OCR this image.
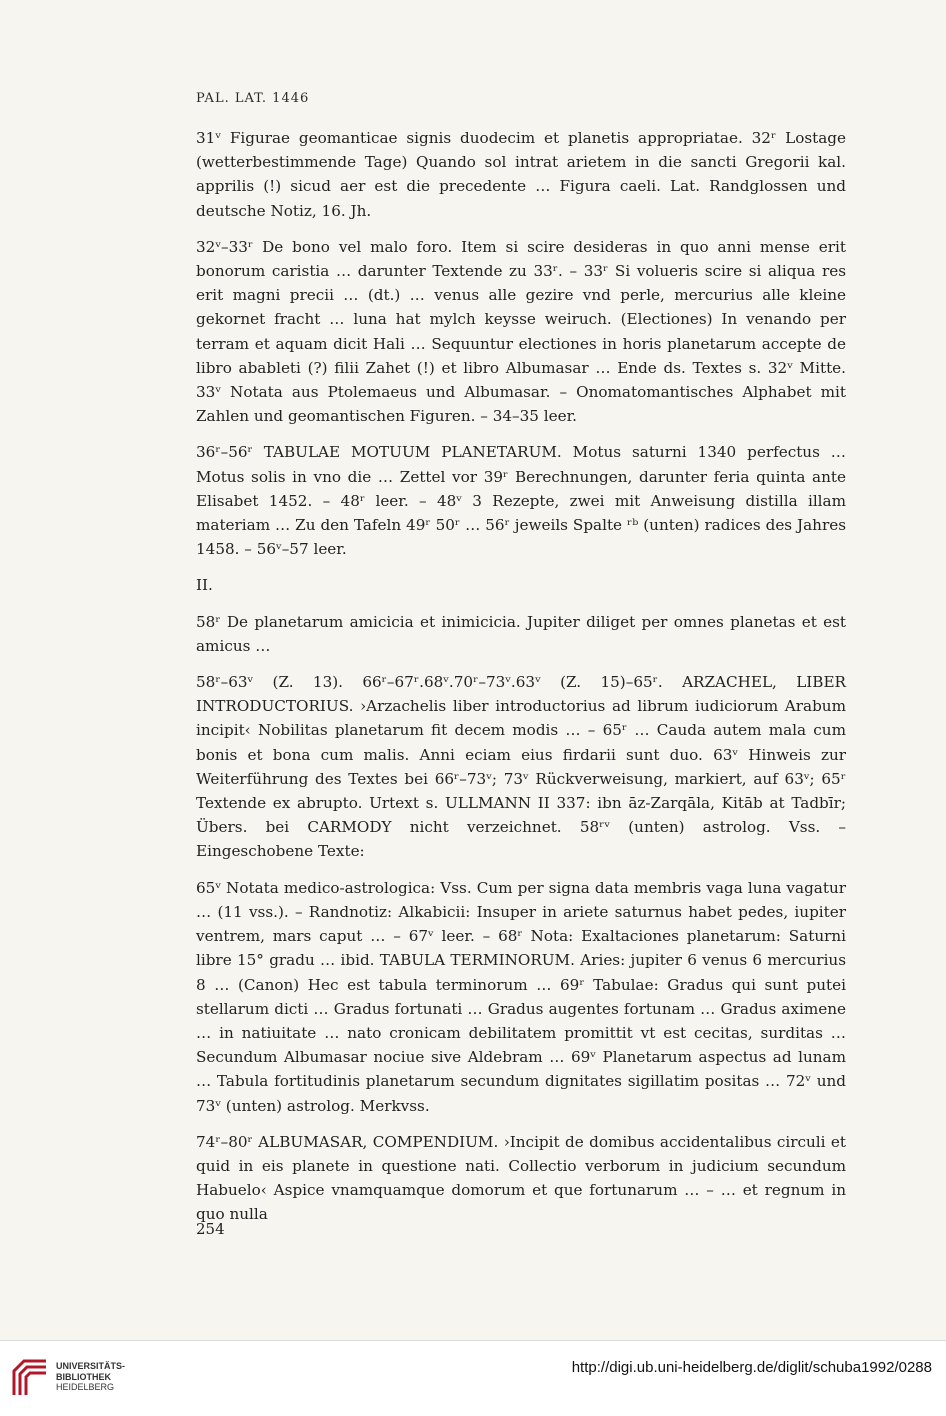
PAL. LAT. 1446

31ᵛ Figurae geomanticae signis duodecim et planetis appropriatae. 32ʳ Lostage (wetterbestimmende Tage) Quando sol intrat arietem in die sancti Gregorii kal. apprilis (!) sicud aer est die precedente … Figura caeli. Lat. Randglossen und deutsche Notiz, 16. Jh.

32ᵛ–33ʳ De bono vel malo foro. Item si scire desideras in quo anni mense erit bonorum caristia … darunter Textende zu 33ʳ. – 33ʳ Si volueris scire si aliqua res erit magni precii … (dt.) … venus alle gezire vnd perle, mercurius alle kleine gekornet fracht … luna hat mylch keysse weiruch. (Electiones) In venando per terram et aquam dicit Hali … Sequuntur electiones in horis planetarum accepte de libro abableti (?) filii Zahet (!) et libro Albumasar … Ende ds. Textes s. 32ᵛ Mitte. 33ᵛ Notata aus Ptolemaeus und Albumasar. – Onomatomantisches Alphabet mit Zahlen und geomantischen Figuren. – 34–35 leer.

36ʳ–56ʳ TABULAE MOTUUM PLANETARUM. Motus saturni 1340 perfectus … Motus solis in vno die … Zettel vor 39ʳ Berechnungen, darunter feria quinta ante Elisabet 1452. – 48ʳ leer. – 48ᵛ 3 Rezepte, zwei mit Anweisung distilla illam materiam … Zu den Tafeln 49ʳ 50ʳ … 56ʳ jeweils Spalte ʳᵇ (unten) radices des Jahres 1458. – 56ᵛ–57 leer.

II.

58ʳ De planetarum amicicia et inimicicia. Jupiter diliget per omnes planetas et est amicus …

58ʳ–63ᵛ (Z. 13). 66ʳ–67ʳ.68ᵛ.70ʳ–73ᵛ.63ᵛ (Z. 15)–65ʳ. ARZACHEL, LIBER INTRODUCTORIUS. ›Arzachelis liber introductorius ad librum iudiciorum Arabum incipit‹ Nobilitas planetarum fit decem modis … – 65ʳ … Cauda autem mala cum bonis et bona cum malis. Anni eciam eius firdarii sunt duo. 63ᵛ Hinweis zur Weiterführung des Textes bei 66ʳ–73ᵛ; 73ᵛ Rückverweisung, markiert, auf 63ᵛ; 65ʳ Textende ex abrupto. Urtext s. ULLMANN II 337: ibn āz-Zarqāla, Kitāb at Tadbīr; Übers. bei CARMODY nicht verzeichnet. 58ʳᵛ (unten) astrolog. Vss. – Eingeschobene Texte:

65ᵛ Notata medico-astrologica: Vss. Cum per signa data membris vaga luna vagatur … (11 vss.). – Randnotiz: Alkabicii: Insuper in ariete saturnus habet pedes, iupiter ventrem, mars caput … – 67ᵛ leer. – 68ʳ Nota: Exaltaciones planetarum: Saturni libre 15° gradu … ibid. TABULA TERMINORUM. Aries: jupiter 6 venus 6 mercurius 8 … (Canon) Hec est tabula terminorum … 69ʳ Tabulae: Gradus qui sunt putei stellarum dicti … Gradus fortunati … Gradus augentes fortunam … Gradus aximene … in natiuitate … nato cronicam debilitatem promittit vt est cecitas, surditas … Secundum Albumasar nociue sive Aldebram … 69ᵛ Planetarum aspectus ad lunam … Tabula fortitudinis planetarum secundum dignitates sigillatim positas … 72ᵛ und 73ᵛ (unten) astrolog. Merkvss.

74ʳ–80ʳ ALBUMASAR, COMPENDIUM. ›Incipit de domibus accidentalibus circuli et quid in eis planete in questione nati. Collectio verborum in judicium secundum Habuelo‹ Aspice vnamquamque domorum et que fortunarum … – … et regnum in quo nulla

254
UNIVERSITÄTS-
BIBLIOTHEK
HEIDELBERG
http://digi.ub.uni-heidelberg.de/diglit/schuba1992/0288
